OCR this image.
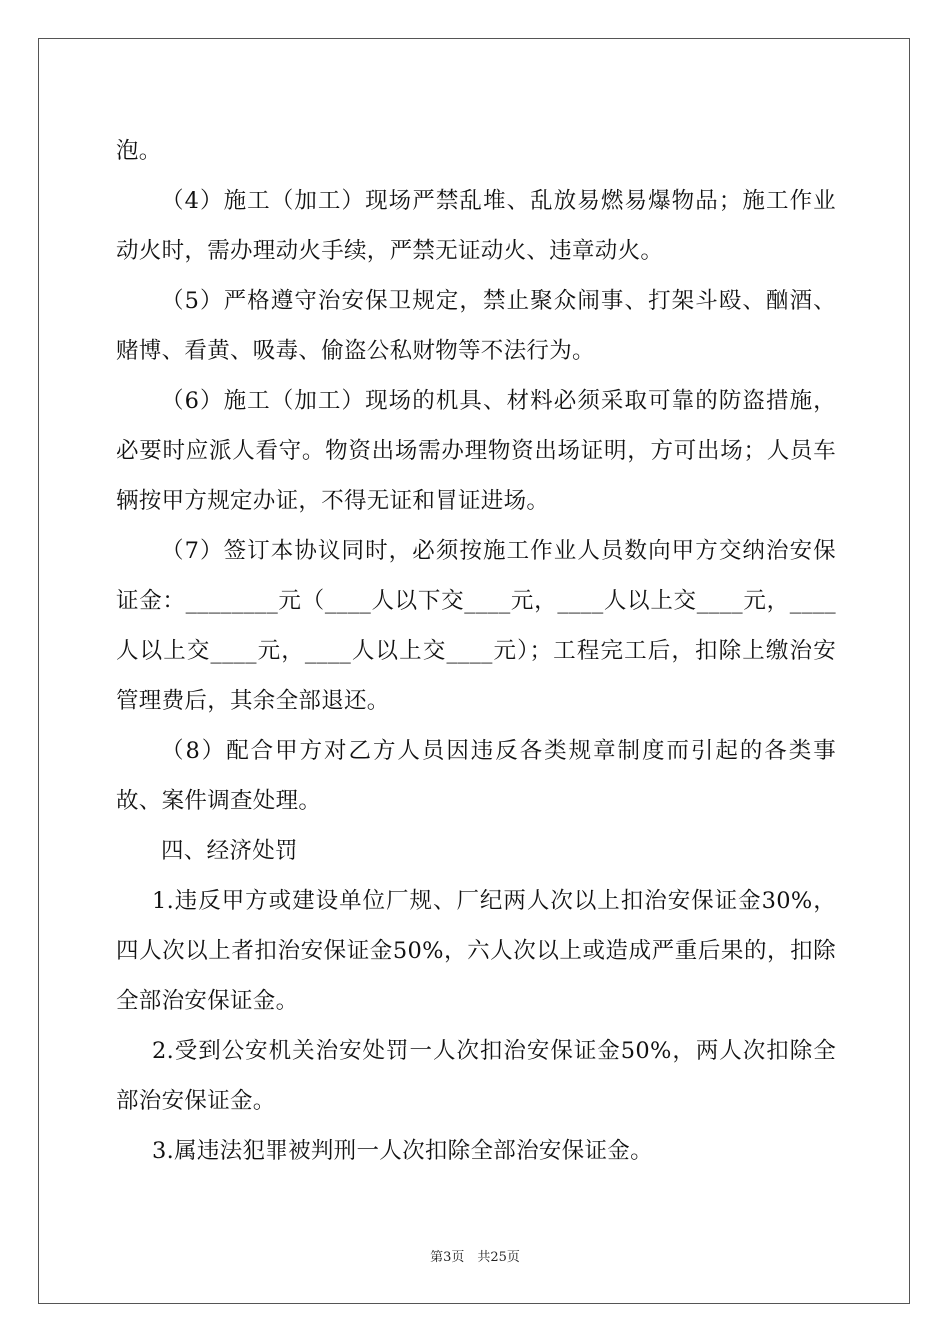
泡。

（4）施工（加工）现场严禁乱堆、乱放易燃易爆物品；施工作业动火时，需办理动火手续，严禁无证动火、违章动火。

（5）严格遵守治安保卫规定，禁止聚众闹事、打架斗殴、酗酒、赌博、看黄、吸毒、偷盗公私财物等不法行为。

（6）施工（加工）现场的机具、材料必须采取可靠的防盗措施，必要时应派人看守。物资出场需办理物资出场证明，方可出场；人员车辆按甲方规定办证，不得无证和冒证进场。

（7）签订本协议同时，必须按施工作业人员数向甲方交纳治安保证金：________元（____人以下交____元，____人以上交____元，____人以上交____元，____人以上交____元）；工程完工后，扣除上缴治安管理费后，其余全部退还。

（8）配合甲方对乙方人员因违反各类规章制度而引起的各类事故、案件调查处理。

四、经济处罚

1.违反甲方或建设单位厂规、厂纪两人次以上扣治安保证金30%，四人次以上者扣治安保证金50%，六人次以上或造成严重后果的，扣除全部治安保证金。

2.受到公安机关治安处罚一人次扣治安保证金50%，两人次扣除全部治安保证金。

3.属违法犯罪被判刑一人次扣除全部治安保证金。

第3页　共25页
